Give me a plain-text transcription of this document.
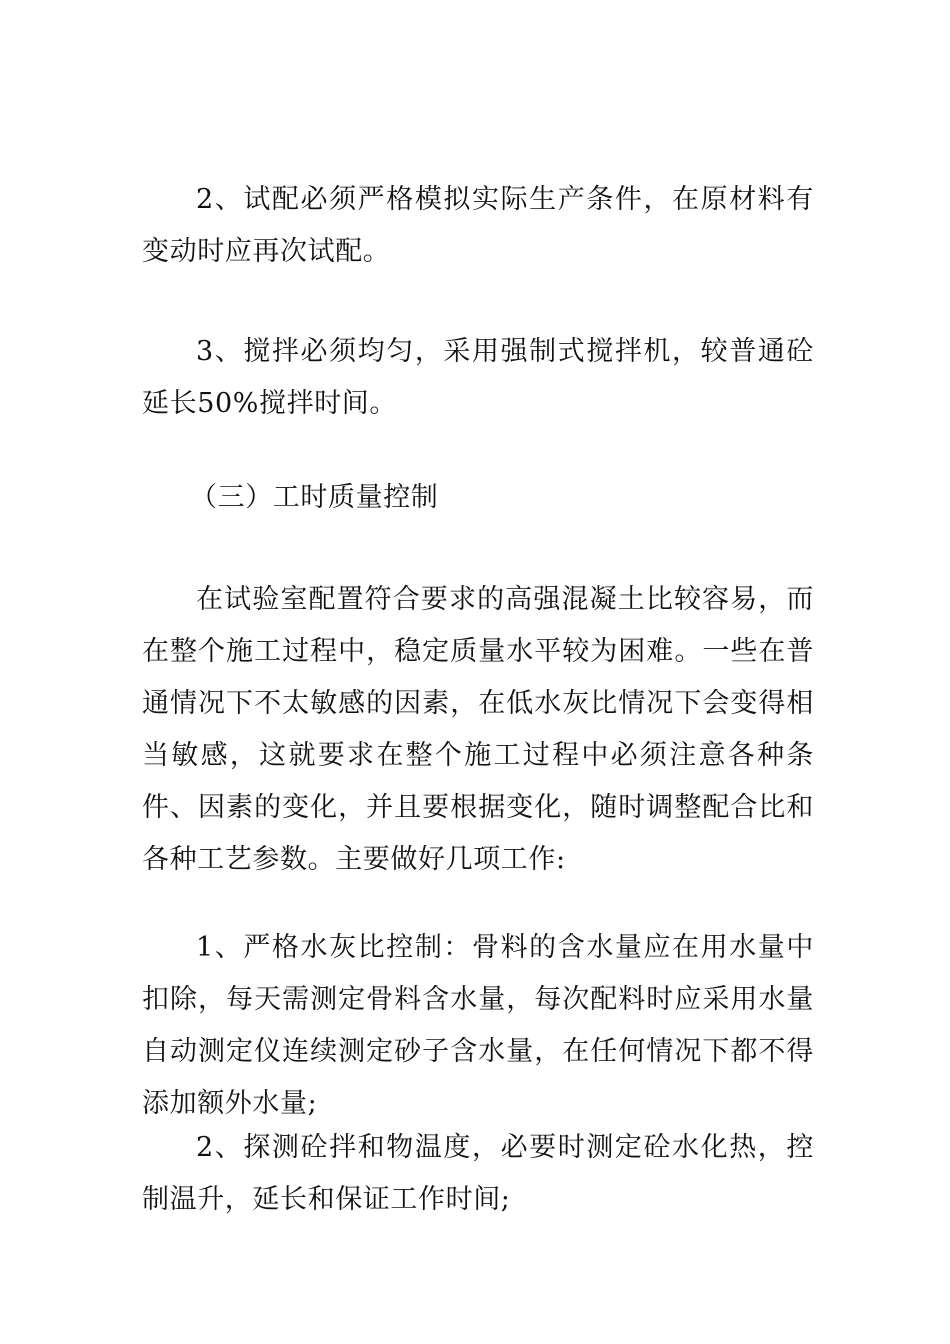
2、试配必须严格模拟实际生产条件，在原材料有变动时应再次试配。

3、搅拌必须均匀，采用强制式搅拌机，较普通砼延长50%搅拌时间。

（三）工时质量控制

在试验室配置符合要求的高强混凝土比较容易，而在整个施工过程中，稳定质量水平较为困难。一些在普通情况下不太敏感的因素，在低水灰比情况下会变得相当敏感，这就要求在整个施工过程中必须注意各种条件、因素的变化，并且要根据变化，随时调整配合比和各种工艺参数。主要做好几项工作:

1、严格水灰比控制：骨料的含水量应在用水量中扣除，每天需测定骨料含水量，每次配料时应采用水量自动测定仪连续测定砂子含水量，在任何情况下都不得添加额外水量;

2、探测砼拌和物温度，必要时测定砼水化热，控制温升，延长和保证工作时间;
